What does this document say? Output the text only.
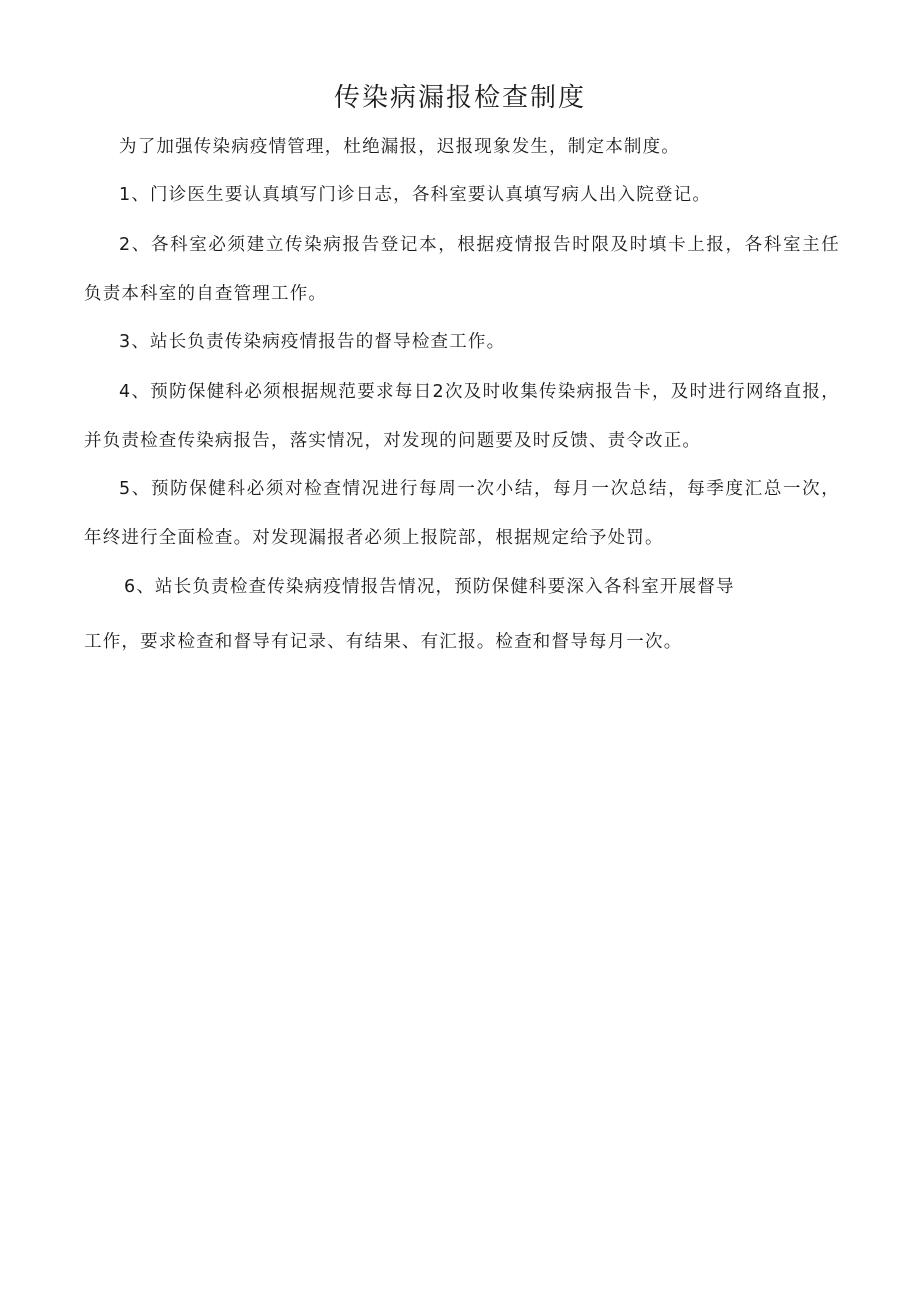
传染病漏报检查制度

为了加强传染病疫情管理，杜绝漏报，迟报现象发生，制定本制度。

1、门诊医生要认真填写门诊日志，各科室要认真填写病人出入院登记。

2、各科室必须建立传染病报告登记本，根据疫情报告时限及时填卡上报，各科室主任负责本科室的自查管理工作。

3、站长负责传染病疫情报告的督导检查工作。

4、预防保健科必须根据规范要求每日2次及时收集传染病报告卡，及时进行网络直报，并负责检查传染病报告，落实情况，对发现的问题要及时反馈、责令改正。

5、预防保健科必须对检查情况进行每周一次小结，每月一次总结，每季度汇总一次，年终进行全面检查。对发现漏报者必须上报院部，根据规定给予处罚。

6、站长负责检查传染病疫情报告情况，预防保健科要深入各科室开展督导

工作，要求检查和督导有记录、有结果、有汇报。检查和督导每月一次。
